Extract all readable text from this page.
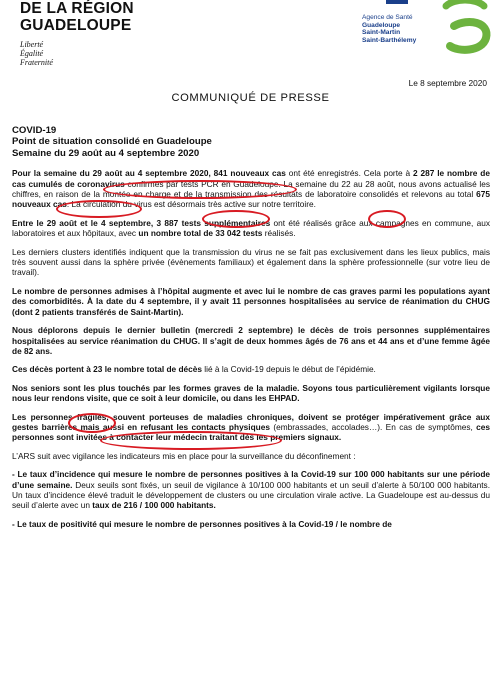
DE LA RÉGION
GUADELOUPE

Liberté

Égalité

Fraternité

Agence de Santé
Guadeloupe
Saint-Martin
Saint-Barthélemy
Le 8 septembre 2020
COMMUNIQUÉ DE PRESSE

COVID-19
Point de situation consolidé en Guadeloupe
Semaine du 29 août au 4 septembre 2020

Pour la semaine du 29 août au 4 septembre 2020, 841 nouveaux cas ont été enregistrés. Cela porte à 2 287 le nombre de cas cumulés de coronavirus confirmés par tests PCR en Guadeloupe. La semaine du 22 au 28 août, nous avons actualisé les chiffres, en raison de la montée en charge et de la transmission des résultats de laboratoire consolidés et relevons au total 675 nouveaux cas. La circulation du virus est désormais très active sur notre territoire.

Entre le 29 août et le 4 septembre, 3 887 tests supplémentaires ont été réalisés grâce aux campagnes en commune, aux laboratoires et aux hôpitaux, avec un nombre total de 33 042 tests réalisés.

Les derniers clusters identifiés indiquent que la transmission du virus ne se fait pas exclusivement dans les lieux publics, mais très souvent aussi dans la sphère privée (évènements familiaux) et également dans la sphère professionnelle (sur votre lieu de travail).

Le nombre de personnes admises à l’hôpital augmente et avec lui le nombre de cas graves parmi les populations ayant des comorbidités. À la date du 4 septembre, il y avait 11 personnes hospitalisées au service de réanimation du CHUG (dont 2 patients transférés de Saint-Martin).

Nous déplorons depuis le dernier bulletin (mercredi 2 septembre) le décès de trois personnes supplémentaires hospitalisées au service réanimation du CHUG. Il s’agit de deux hommes âgés de 76 ans et 44 ans et d’une femme âgée de 82 ans.

Ces décès portent à 23 le nombre total de décès lié à la Covid-19 depuis le début de l’épidémie.

Nos seniors sont les plus touchés par les formes graves de la maladie. Soyons tous particulièrement vigilants lorsque nous leur rendons visite, que ce soit à leur domicile, ou dans les EHPAD.

Les personnes fragiles, souvent porteuses de maladies chroniques, doivent se protéger impérativement grâce aux gestes barrières mais aussi en refusant les contacts physiques (embrassades, accolades…). En cas de symptômes, ces personnes sont invitées à contacter leur médecin traitant dès les premiers signaux.

L’ARS suit avec vigilance les indicateurs mis en place pour la surveillance du déconfinement :

- Le taux d’incidence qui mesure le nombre de personnes positives à la Covid-19 sur 100 000 habitants sur une période d’une semaine. Deux seuils sont fixés, un seuil de vigilance à 10/100 000 habitants et un seuil d’alerte à 50/100 000 habitants. Un taux d’incidence élevé traduit le développement de clusters ou une circulation virale active. La Guadeloupe est au-dessus du seuil d’alerte avec un taux de 216 / 100 000 habitants.

- Le taux de positivité qui mesure le nombre de personnes positives à la Covid-19 / le nombre de
